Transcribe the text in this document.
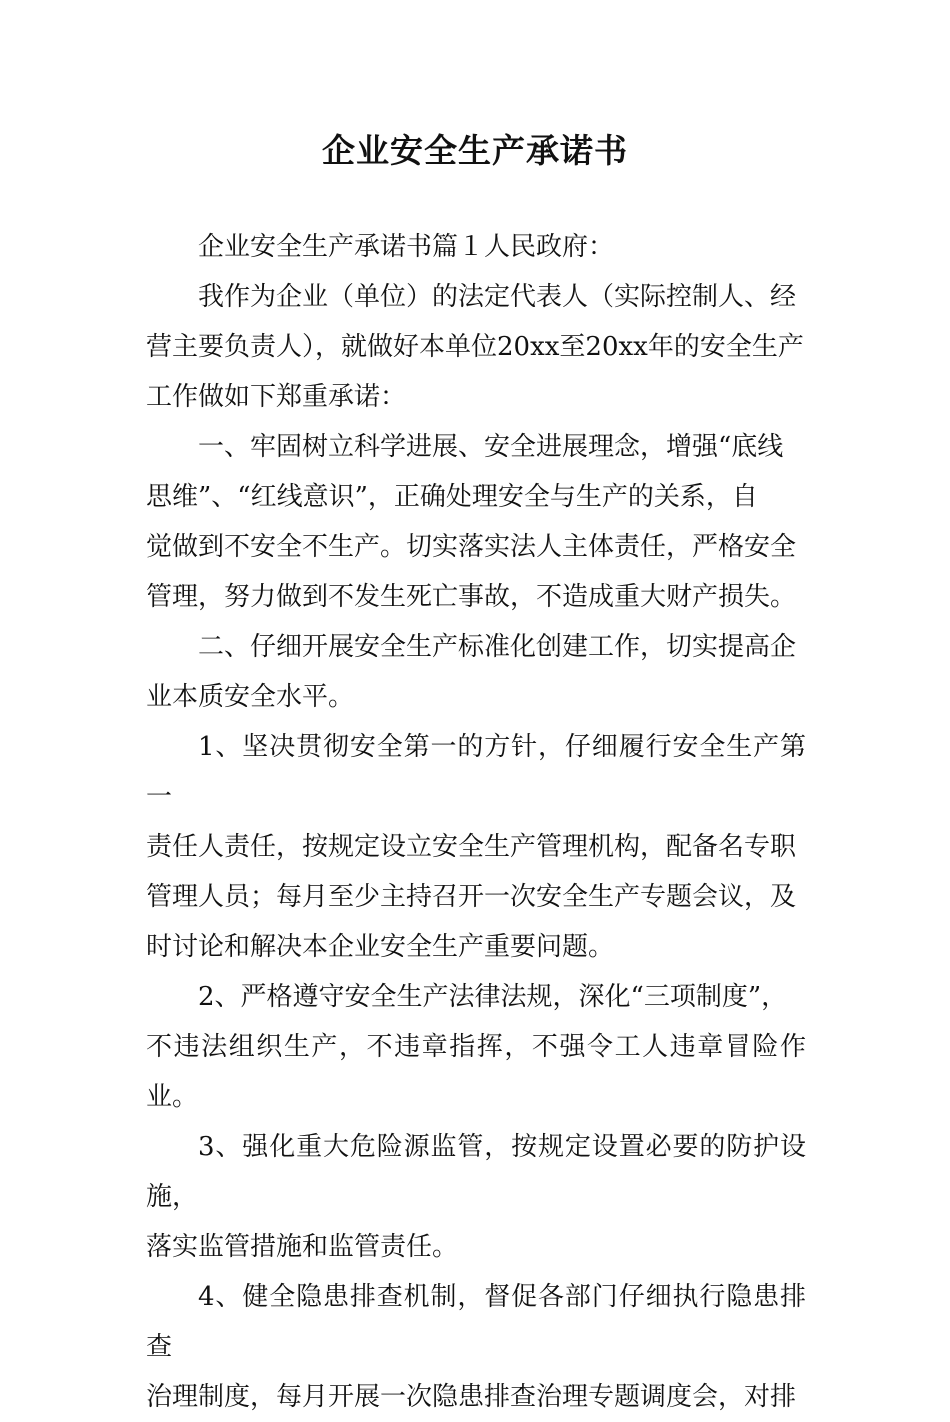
企业安全生产承诺书

企业安全生产承诺书篇１人民政府：

我作为企业（单位）的法定代表人（实际控制人、经
营主要负责人），就做好本单位20xx至20xx年的安全生产
工作做如下郑重承诺：

一、牢固树立科学进展、安全进展理念，增强“底线
思维”、“红线意识”，正确处理安全与生产的关系，自
觉做到不安全不生产。切实落实法人主体责任，严格安全
管理，努力做到不发生死亡事故，不造成重大财产损失。

二、仔细开展安全生产标准化创建工作，切实提高企
业本质安全水平。

1、坚决贯彻安全第一的方针，仔细履行安全生产第一
责任人责任，按规定设立安全生产管理机构，配备名专职
管理人员；每月至少主持召开一次安全生产专题会议，及
时讨论和解决本企业安全生产重要问题。

2、严格遵守安全生产法律法规，深化“三项制度”，
不违法组织生产，不违章指挥，不强令工人违章冒险作业。

3、强化重大危险源监管，按规定设置必要的防护设施，
落实监管措施和监管责任。

4、健全隐患排查机制，督促各部门仔细执行隐患排查
治理制度，每月开展一次隐患排查治理专题调度会，对排
